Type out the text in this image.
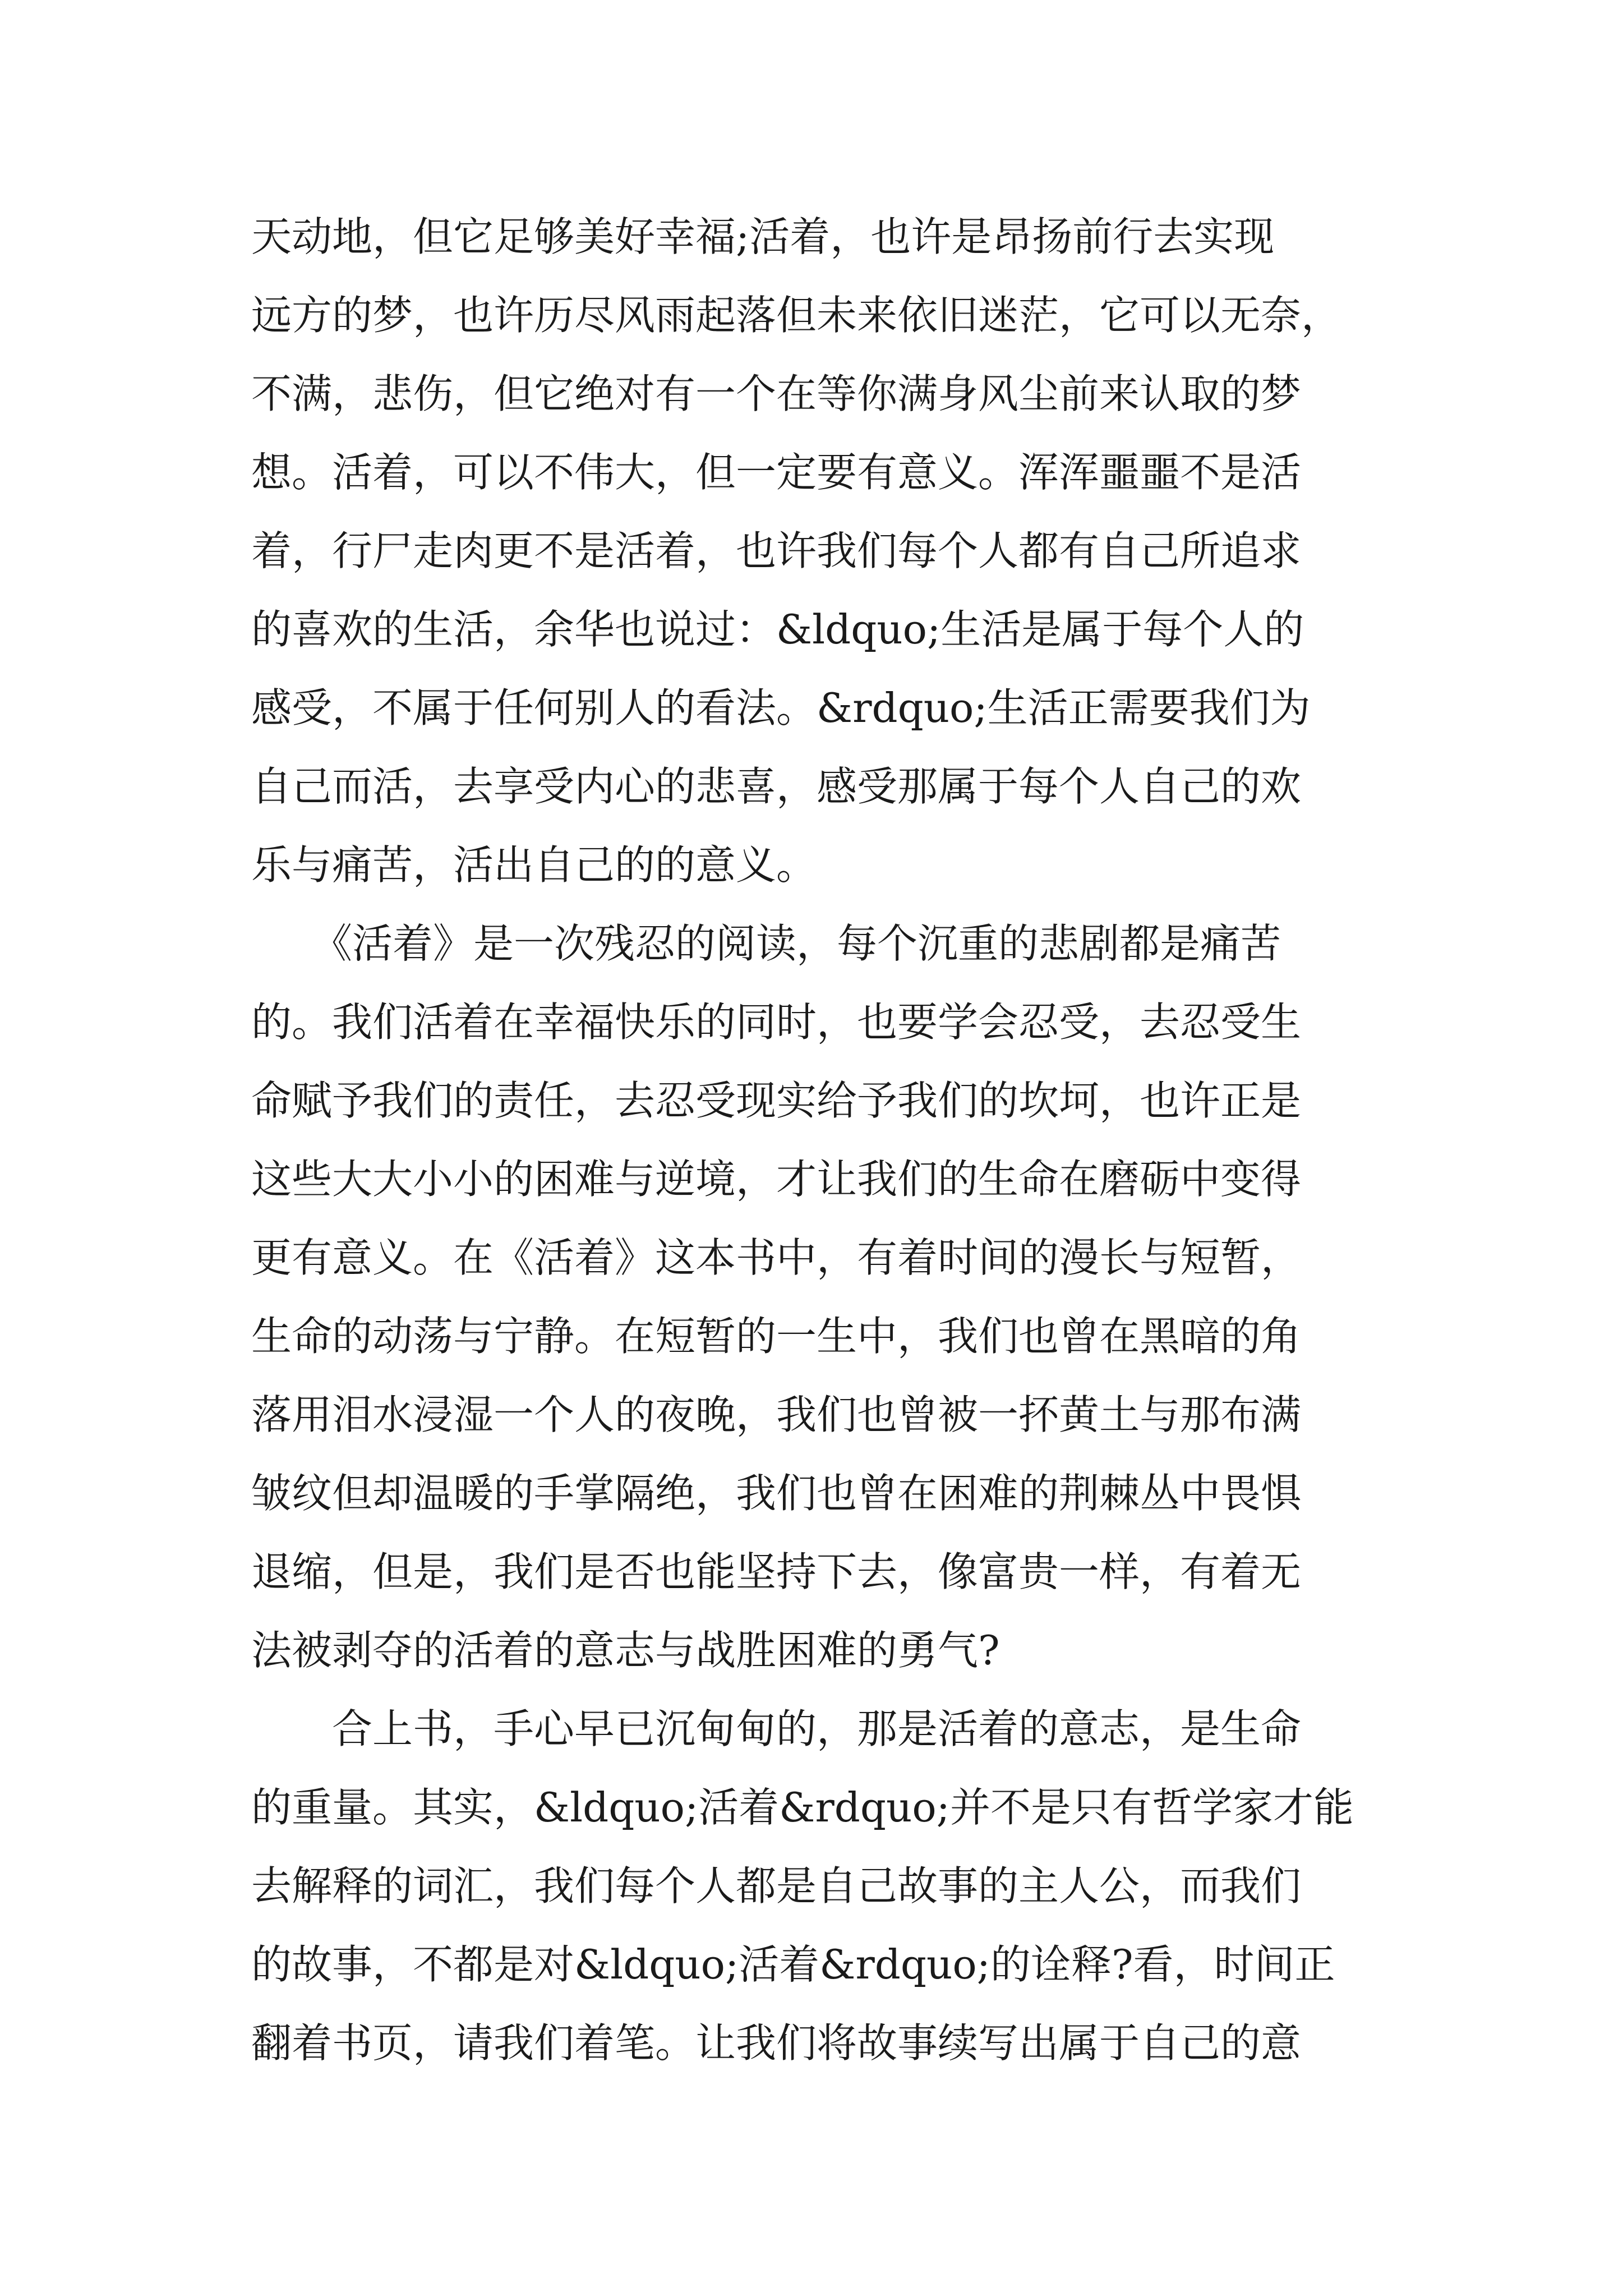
天动地，但它足够美好幸福;活着，也许是昂扬前行去实现
远方的梦，也许历尽风雨起落但未来依旧迷茫，它可以无奈，
不满，悲伤，但它绝对有一个在等你满身风尘前来认取的梦
想。活着，可以不伟大，但一定要有意义。浑浑噩噩不是活
着，行尸走肉更不是活着，也许我们每个人都有自己所追求
的喜欢的生活，余华也说过：&ldquo;生活是属于每个人的
感受，不属于任何别人的看法。&rdquo;生活正需要我们为
自己而活，去享受内心的悲喜，感受那属于每个人自己的欢
乐与痛苦，活出自己的的意义。
　　《活着》是一次残忍的阅读，每个沉重的悲剧都是痛苦
的。我们活着在幸福快乐的同时，也要学会忍受，去忍受生
命赋予我们的责任，去忍受现实给予我们的坎坷，也许正是
这些大大小小的困难与逆境，才让我们的生命在磨砺中变得
更有意义。在《活着》这本书中，有着时间的漫长与短暂，
生命的动荡与宁静。在短暂的一生中，我们也曾在黑暗的角
落用泪水浸湿一个人的夜晚，我们也曾被一抔黄土与那布满
皱纹但却温暖的手掌隔绝，我们也曾在困难的荆棘丛中畏惧
退缩，但是，我们是否也能坚持下去，像富贵一样，有着无
法被剥夺的活着的意志与战胜困难的勇气?
　　合上书，手心早已沉甸甸的，那是活着的意志，是生命
的重量。其实，&ldquo;活着&rdquo;并不是只有哲学家才能
去解释的词汇，我们每个人都是自己故事的主人公，而我们
的故事，不都是对&ldquo;活着&rdquo;的诠释?看，时间正
翻着书页，请我们着笔。让我们将故事续写出属于自己的意
